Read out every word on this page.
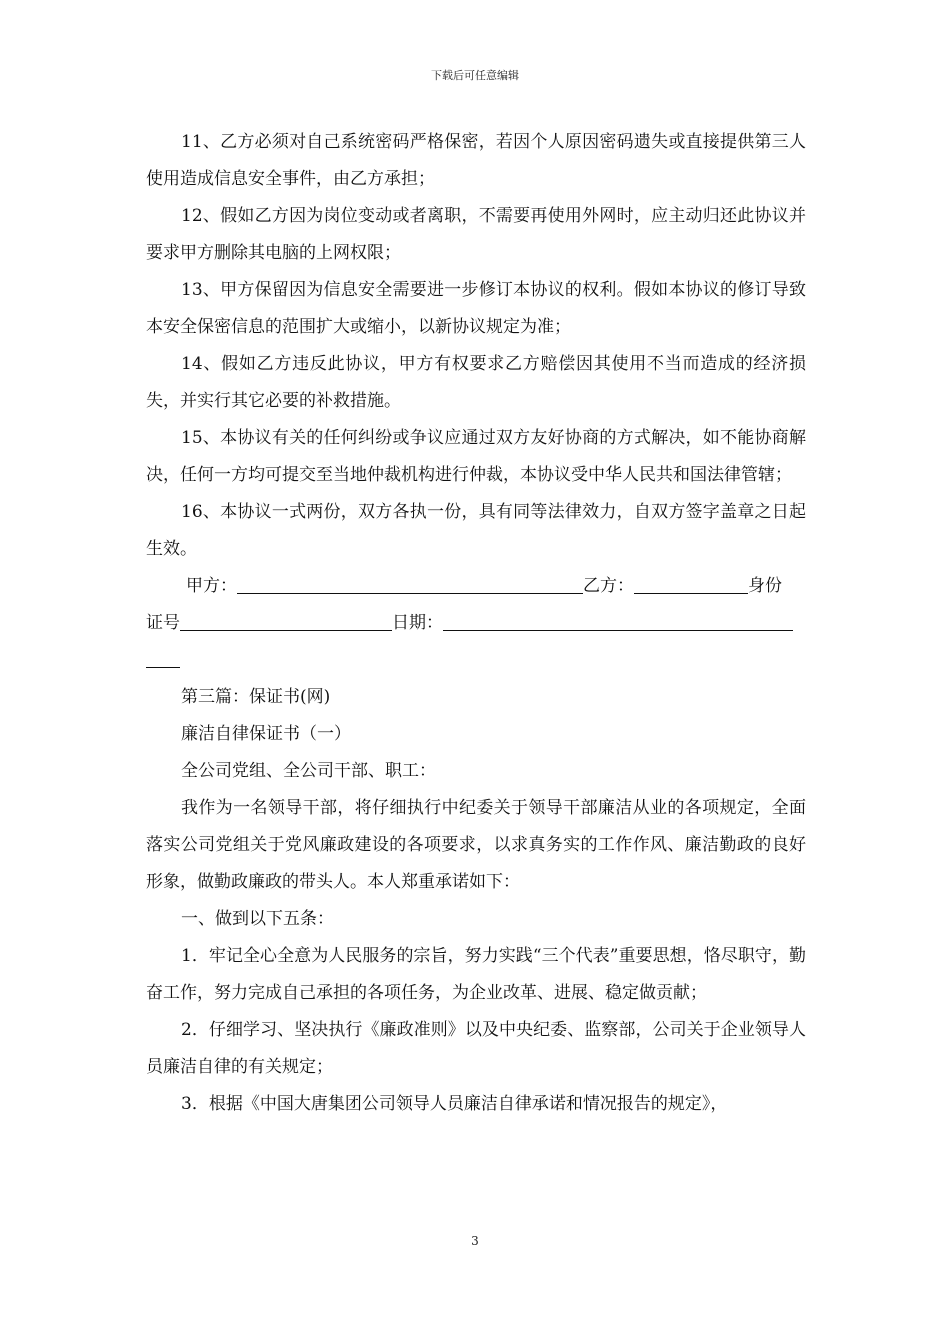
下载后可任意编辑

11、乙方必须对自己系统密码严格保密，若因个人原因密码遗失或直接提供第三人使用造成信息安全事件，由乙方承担；

12、假如乙方因为岗位变动或者离职，不需要再使用外网时，应主动归还此协议并要求甲方删除其电脑的上网权限；

13、甲方保留因为信息安全需要进一步修订本协议的权利。假如本协议的修订导致本安全保密信息的范围扩大或缩小，以新协议规定为准；

14、假如乙方违反此协议，甲方有权要求乙方赔偿因其使用不当而造成的经济损失，并实行其它必要的补救措施。

15、本协议有关的任何纠纷或争议应通过双方友好协商的方式解决，如不能协商解决，任何一方均可提交至当地仲裁机构进行仲裁，本协议受中华人民共和国法律管辖；

16、本协议一式两份，双方各执一份，具有同等法律效力，自双方签字盖章之日起生效。

甲方：	乙方：	身份

证号	日期：

第三篇：保证书(网)

廉洁自律保证书（一）

全公司党组、全公司干部、职工：

我作为一名领导干部，将仔细执行中纪委关于领导干部廉洁从业的各项规定，全面落实公司党组关于党风廉政建设的各项要求，以求真务实的工作作风、廉洁勤政的良好形象，做勤政廉政的带头人。本人郑重承诺如下：

一、做到以下五条：

1．牢记全心全意为人民服务的宗旨，努力实践“三个代表”重要思想，恪尽职守，勤奋工作，努力完成自己承担的各项任务，为企业改革、进展、稳定做贡献；

2．仔细学习、坚决执行《廉政准则》以及中央纪委、监察部，公司关于企业领导人员廉洁自律的有关规定；

3．根据《中国大唐集团公司领导人员廉洁自律承诺和情况报告的规定》，

3
